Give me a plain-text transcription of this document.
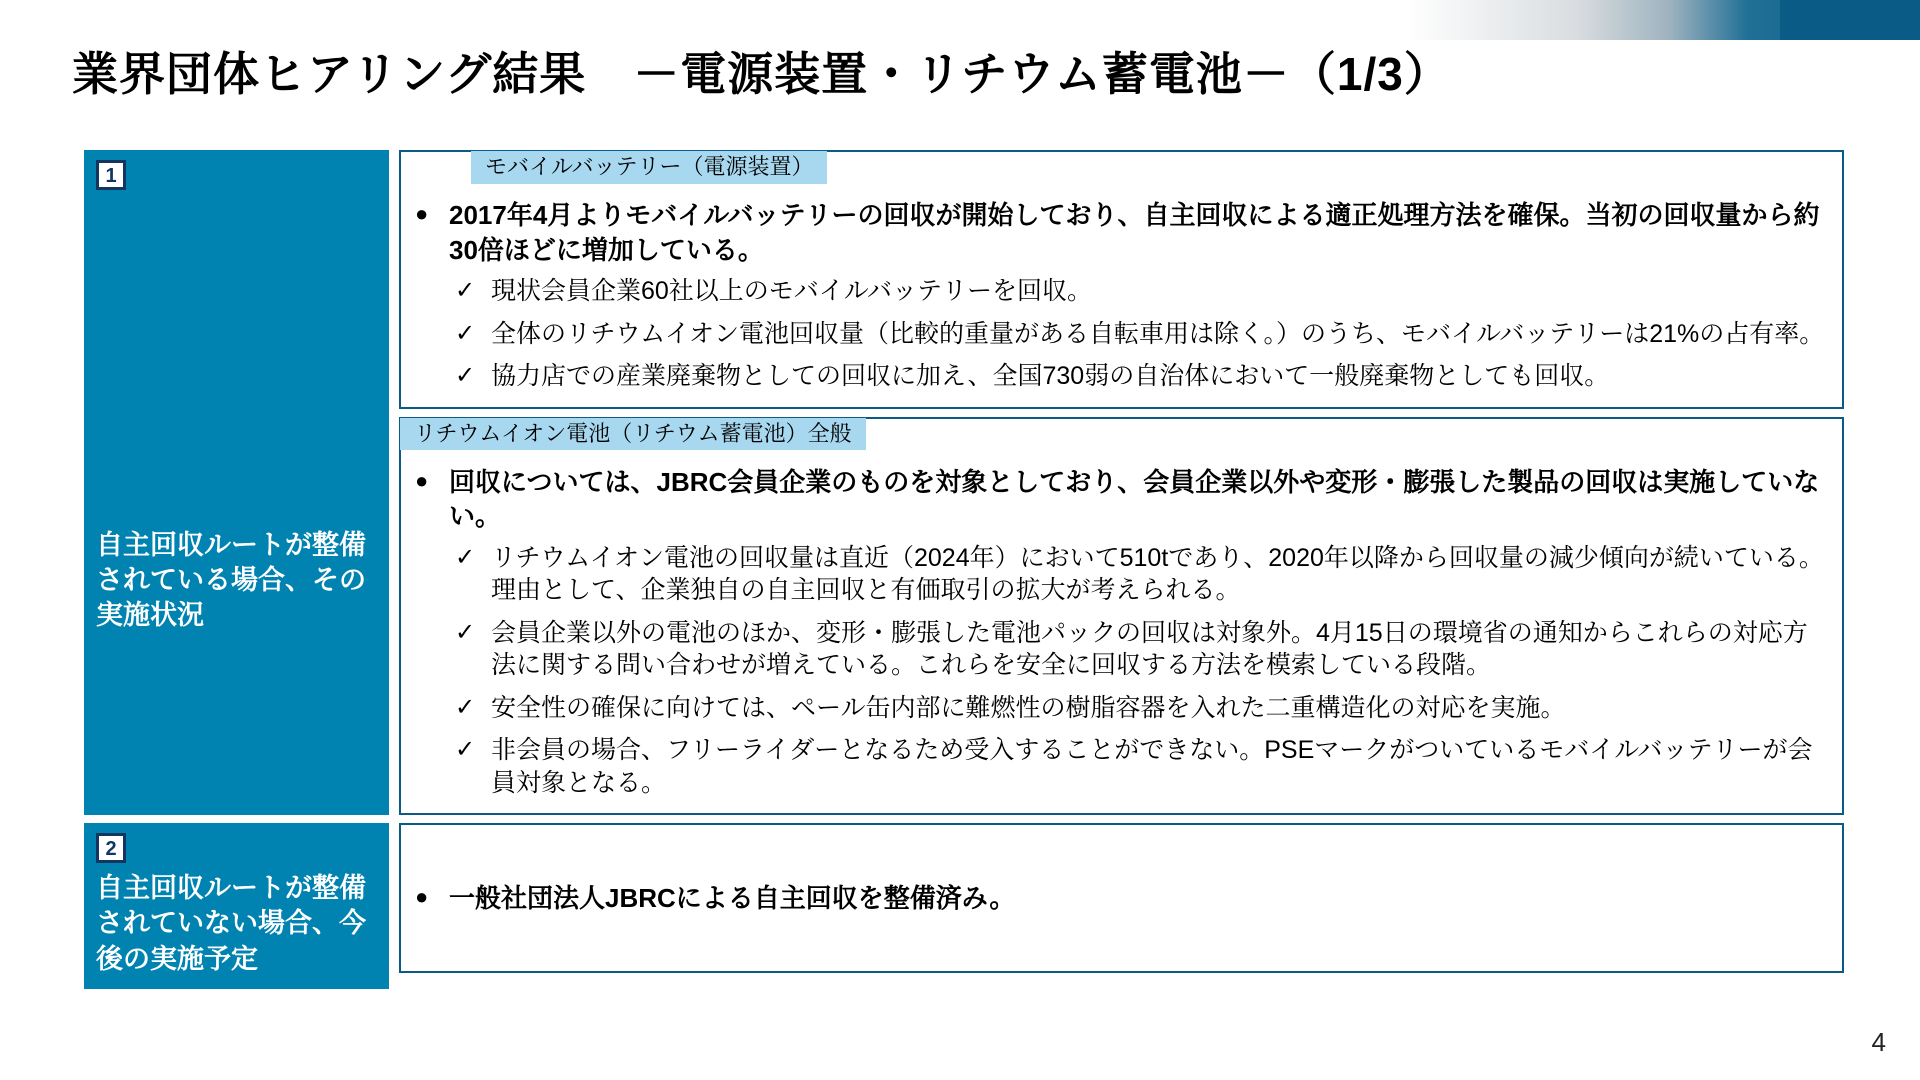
業界団体ヒアリング結果　－電源装置・リチウム蓄電池－（1/3）
1
自主回収ルートが整備されている場合、その実施状況
モバイルバッテリー（電源装置）
● 2017年4月よりモバイルバッテリーの回収が開始しており、自主回収による適正処理方法を確保。当初の回収量から約30倍ほどに増加している。
✓ 現状会員企業60社以上のモバイルバッテリーを回収。
✓ 全体のリチウムイオン電池回収量（比較的重量がある自転車用は除く。）のうち、モバイルバッテリーは21%の占有率。
✓ 協力店での産業廃棄物としての回収に加え、全国730弱の自治体において一般廃棄物としても回収。
リチウムイオン電池（リチウム蓄電池）全般
● 回収については、JBRC会員企業のものを対象としており、会員企業以外や変形・膨張した製品の回収は実施していない。
✓ リチウムイオン電池の回収量は直近（2024年）において510tであり、2020年以降から回収量の減少傾向が続いている。理由として、企業独自の自主回収と有価取引の拡大が考えられる。
✓ 会員企業以外の電池のほか、変形・膨張した電池パックの回収は対象外。4月15日の環境省の通知からこれらの対応方法に関する問い合わせが増えている。これらを安全に回収する方法を模索している段階。
✓ 安全性の確保に向けては、ペール缶内部に難燃性の樹脂容器を入れた二重構造化の対応を実施。
✓ 非会員の場合、フリーライダーとなるため受入することができない。PSEマークがついているモバイルバッテリーが会員対象となる。
2
自主回収ルートが整備されていない場合、今後の実施予定
● 一般社団法人JBRCによる自主回収を整備済み。
4
